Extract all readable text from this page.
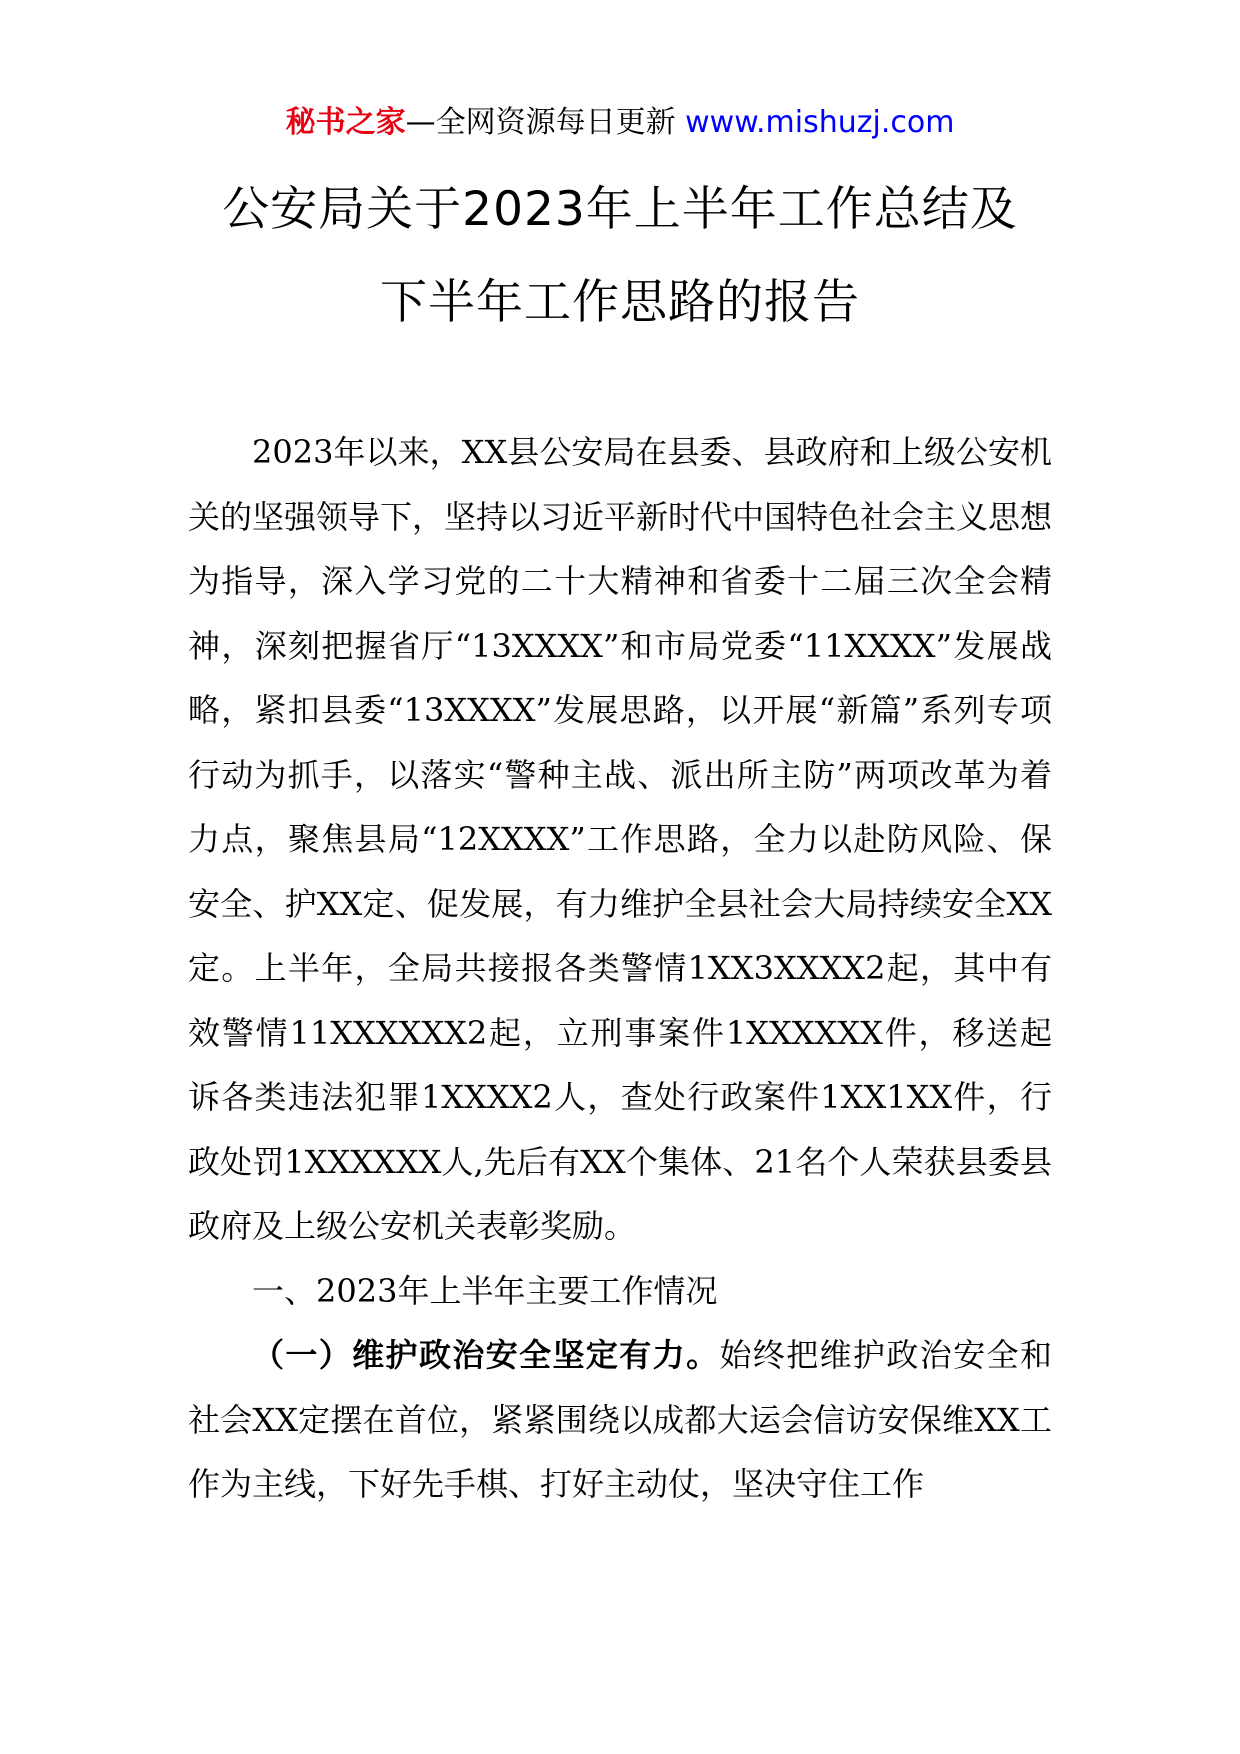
秘书之家—全网资源每日更新 www.mishuzj.com
公安局关于2023年上半年工作总结及
下半年工作思路的报告

2023年以来，XX县公安局在县委、县政府和上级公安机关的坚强领导下，坚持以习近平新时代中国特色社会主义思想为指导，深入学习党的二十大精神和省委十二届三次全会精神，深刻把握省厅“13XXXX”和市局党委“11XXXX”发展战略，紧扣县委“13XXXX”发展思路，以开展“新篇”系列专项行动为抓手，以落实“警种主战、派出所主防”两项改革为着力点，聚焦县局“12XXXX”工作思路，全力以赴防风险、保安全、护XX定、促发展，有力维护全县社会大局持续安全XX定。上半年，全局共接报各类警情1XX3XXXX2起，其中有效警情11XXXXXX2起，立刑事案件1XXXXXX件，移送起诉各类违法犯罪1XXXX2人，查处行政案件1XX1XX件，行政处罚1XXXXXX人,先后有XX个集体、21名个人荣获县委县政府及上级公安机关表彰奖励。

一、2023年上半年主要工作情况

（一）维护政治安全坚定有力。始终把维护政治安全和社会XX定摆在首位，紧紧围绕以成都大运会信访安保维XX工作为主线，下好先手棋、打好主动仗，坚决守住工作
